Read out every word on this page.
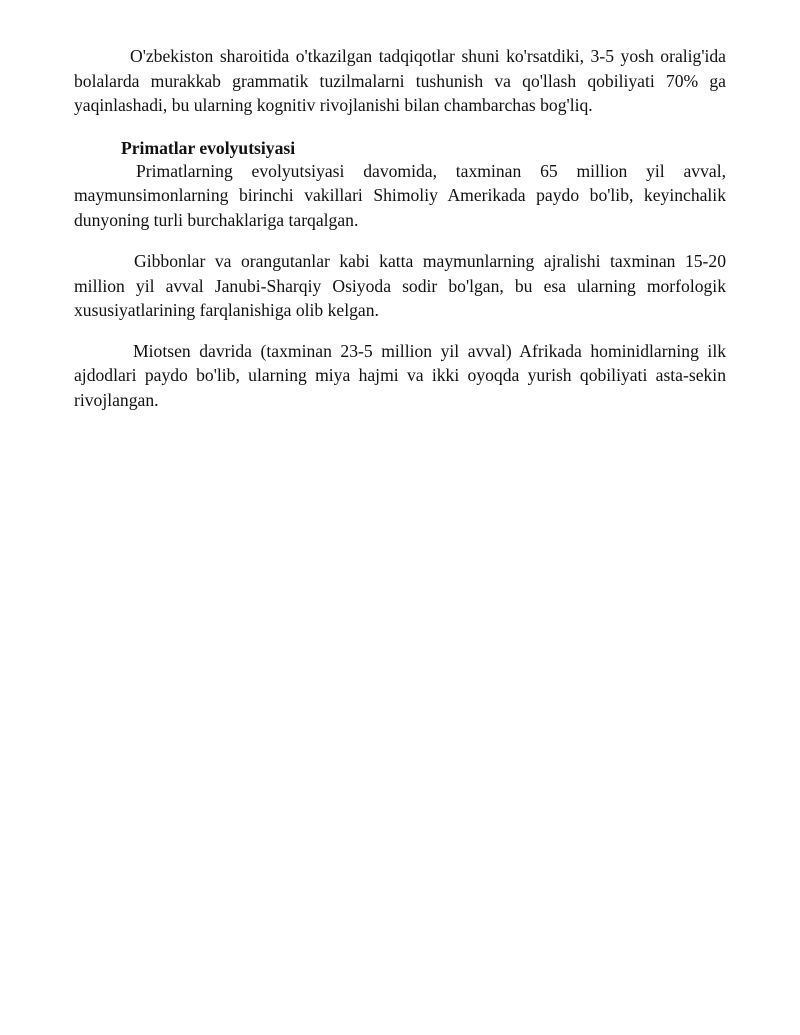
O'zbekiston sharoitida o'tkazilgan tadqiqotlar shuni ko'rsatdiki, 3-5 yosh oralig'ida bolalarda murakkab grammatik tuzilmalarni tushunish va qo'llash qobiliyati 70% ga yaqinlashadi, bu ularning kognitiv rivojlanishi bilan chambarchas bog'liq.

Primatlar evolyutsiyasi

Primatlarning evolyutsiyasi davomida, taxminan 65 million yil avval, maymunsimonlarning birinchi vakillari Shimoliy Amerikada paydo bo'lib, keyinchalik dunyoning turli burchaklariga tarqalgan.

Gibbonlar va orangutanlar kabi katta maymunlarning ajralishi taxminan 15-20 million yil avval Janubi-Sharqiy Osiyoda sodir bo'lgan, bu esa ularning morfologik xususiyatlarining farqlanishiga olib kelgan.

Miotsen davrida (taxminan 23-5 million yil avval) Afrikada hominidlarning ilk ajdodlari paydo bo'lib, ularning miya hajmi va ikki oyoqda yurish qobiliyati asta-sekin rivojlangan.
